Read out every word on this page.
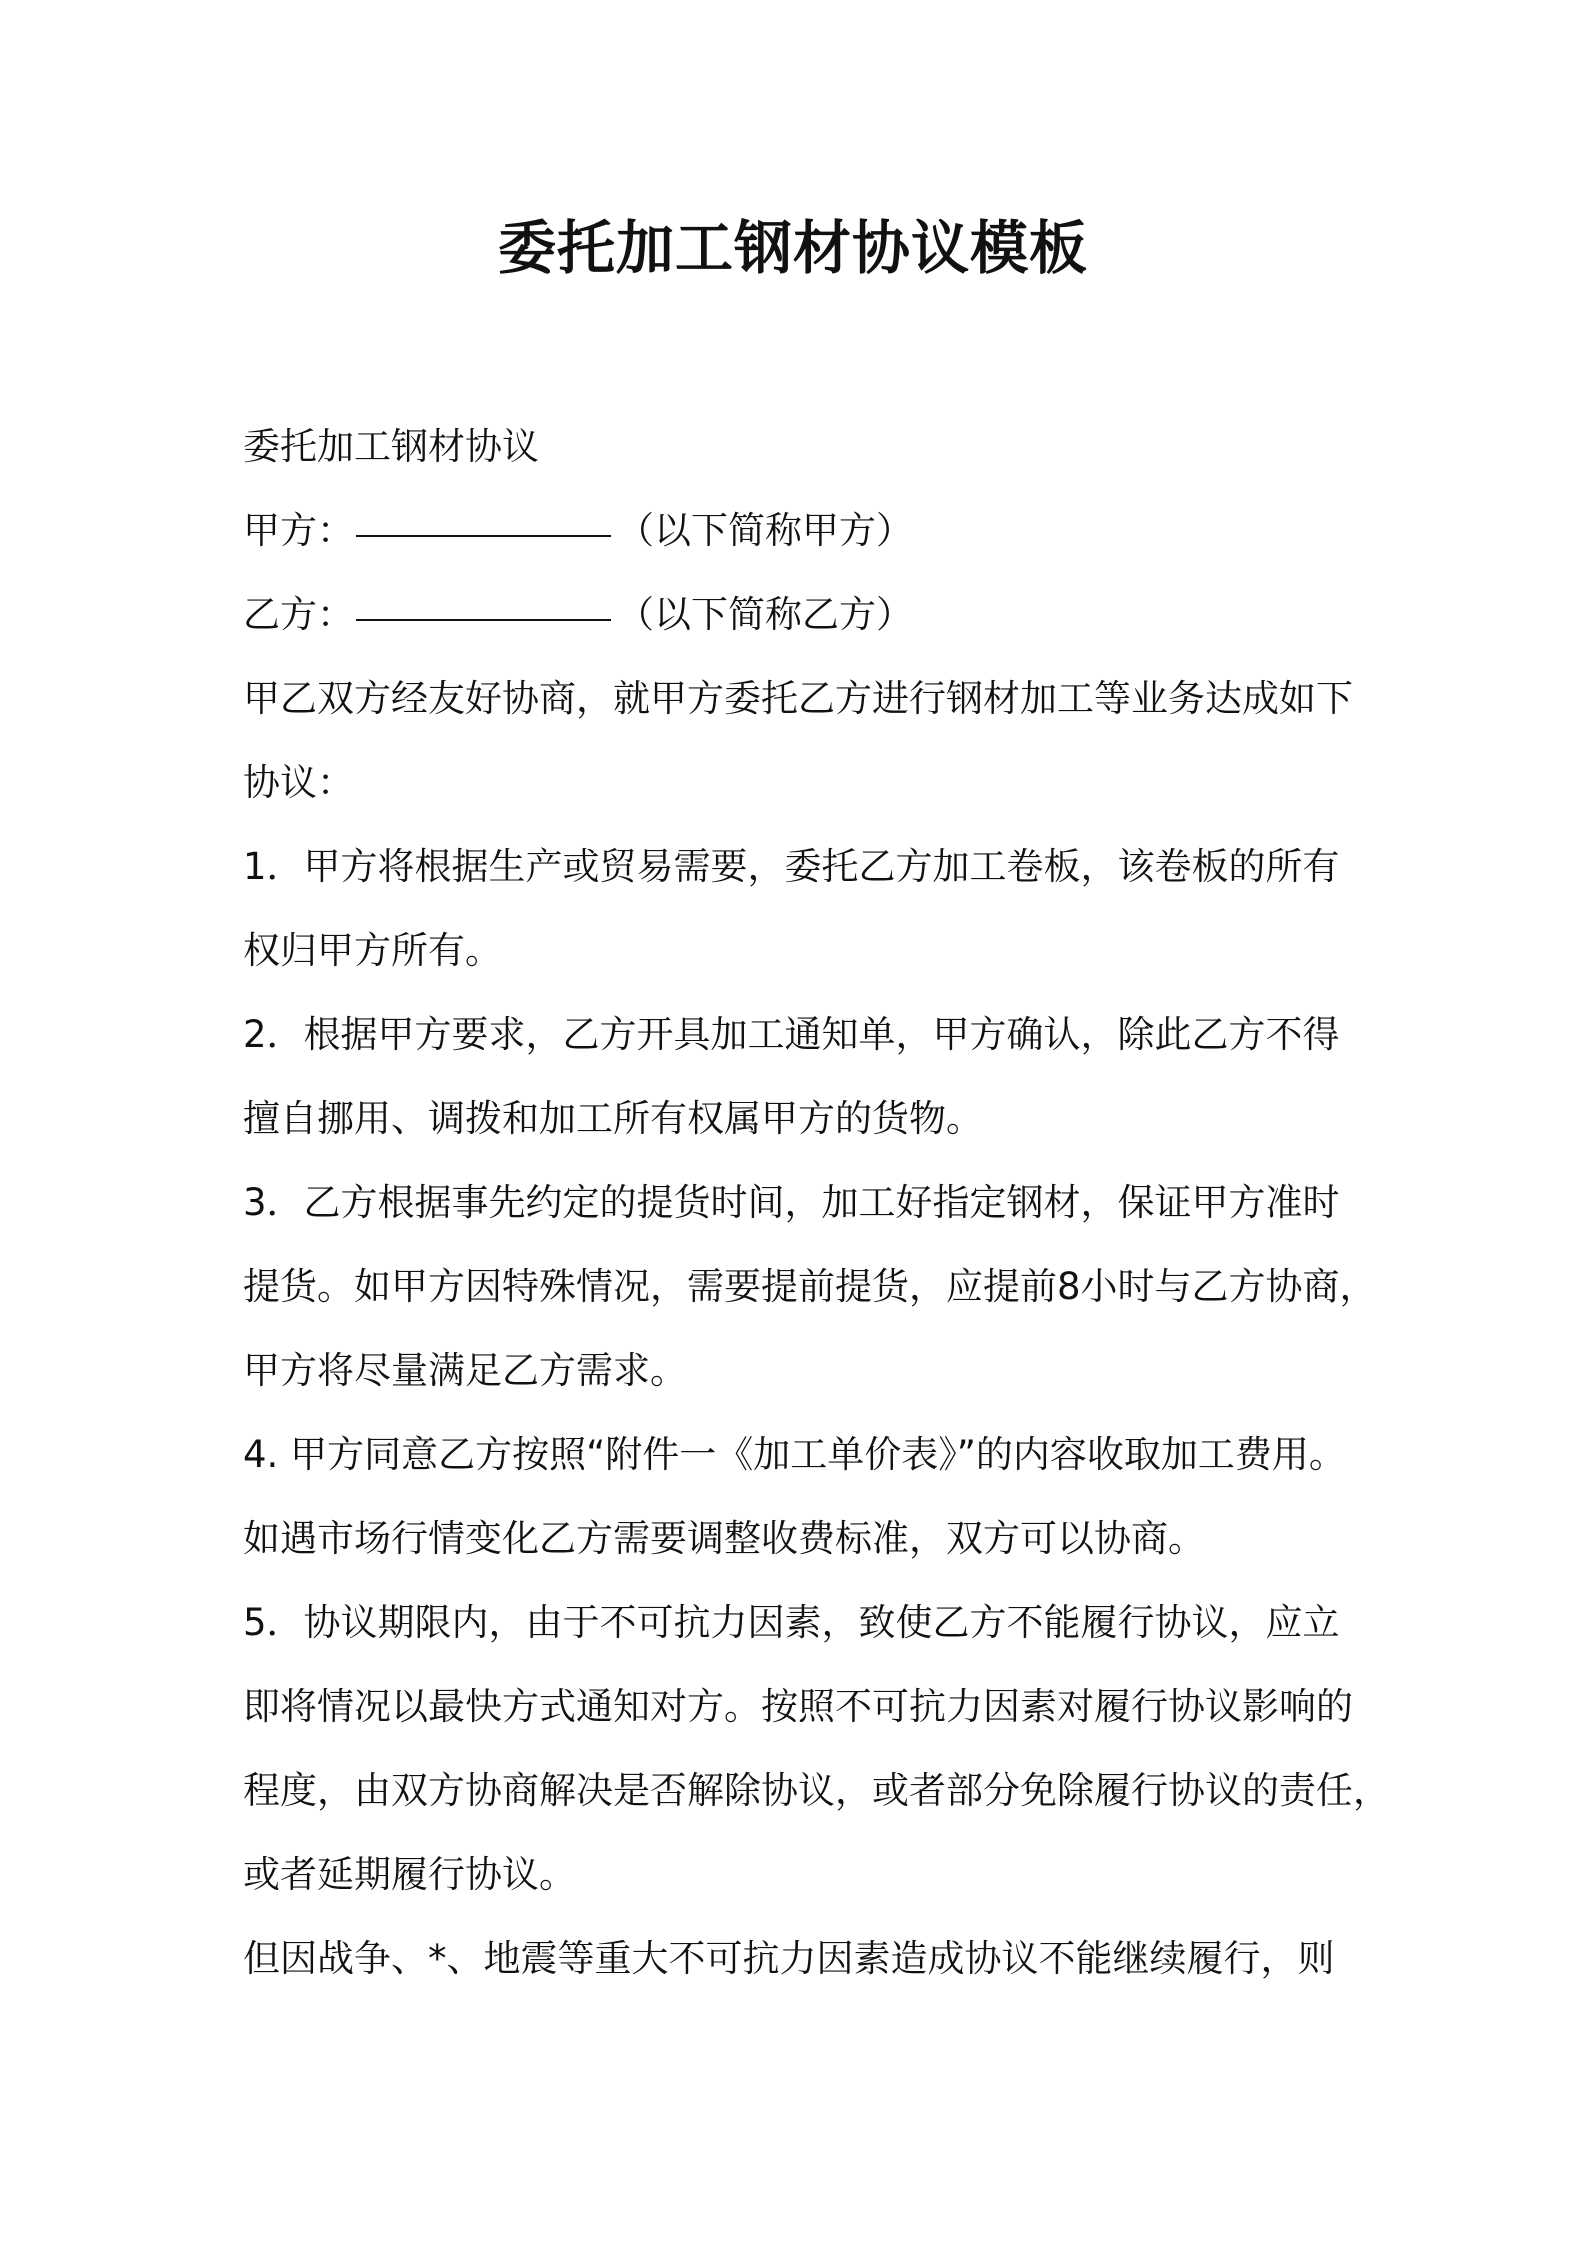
委托加工钢材协议模板
委托加工钢材协议
甲方：	（以下简称甲方）
乙方：	（以下简称乙方）
甲乙双方经友好协商，就甲方委托乙方进行钢材加工等业务达成如下
协议：
1．甲方将根据生产或贸易需要，委托乙方加工卷板，该卷板的所有
权归甲方所有。
2．根据甲方要求，乙方开具加工通知单，甲方确认，除此乙方不得
擅自挪用、调拨和加工所有权属甲方的货物。
3．乙方根据事先约定的提货时间，加工好指定钢材，保证甲方准时
提货。如甲方因特殊情况，需要提前提货，应提前8小时与乙方协商，
甲方将尽量满足乙方需求。
4. 甲方同意乙方按照“附件一《加工单价表》”的内容收取加工费用。
如遇市场行情变化乙方需要调整收费标准，双方可以协商。
5．协议期限内，由于不可抗力因素，致使乙方不能履行协议，应立
即将情况以最快方式通知对方。按照不可抗力因素对履行协议影响的
程度，由双方协商解决是否解除协议，或者部分免除履行协议的责任，
或者延期履行协议。
但因战争、*、地震等重大不可抗力因素造成协议不能继续履行，则
